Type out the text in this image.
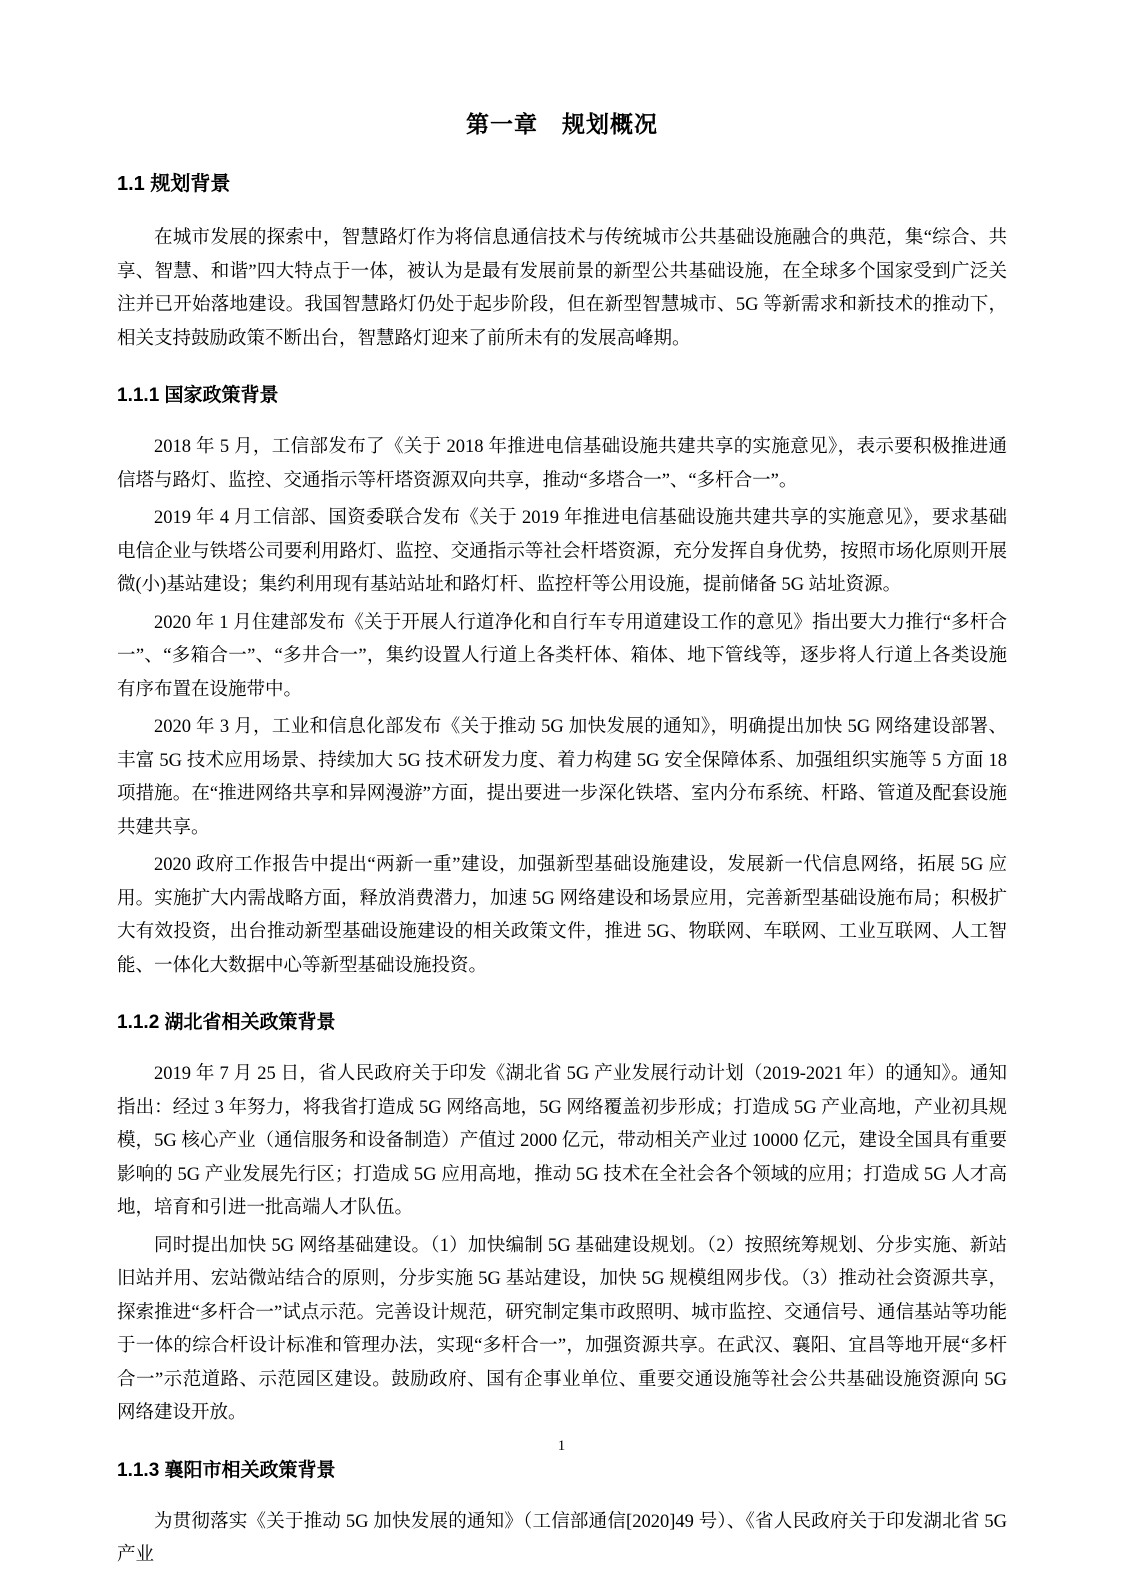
第一章　规划概况
1.1 规划背景

在城市发展的探索中，智慧路灯作为将信息通信技术与传统城市公共基础设施融合的典范，集“综合、共享、智慧、和谐”四大特点于一体，被认为是最有发展前景的新型公共基础设施，在全球多个国家受到广泛关注并已开始落地建设。我国智慧路灯仍处于起步阶段，但在新型智慧城市、5G 等新需求和新技术的推动下，相关支持鼓励政策不断出台，智慧路灯迎来了前所未有的发展高峰期。

1.1.1 国家政策背景

2018 年 5 月，工信部发布了《关于 2018 年推进电信基础设施共建共享的实施意见》，表示要积极推进通信塔与路灯、监控、交通指示等杆塔资源双向共享，推动“多塔合一”、“多杆合一”。

2019 年 4 月工信部、国资委联合发布《关于 2019 年推进电信基础设施共建共享的实施意见》，要求基础电信企业与铁塔公司要利用路灯、监控、交通指示等社会杆塔资源，充分发挥自身优势，按照市场化原则开展微(小)基站建设；集约利用现有基站站址和路灯杆、监控杆等公用设施，提前储备 5G 站址资源。

2020 年 1 月住建部发布《关于开展人行道净化和自行车专用道建设工作的意见》指出要大力推行“多杆合一”、“多箱合一”、“多井合一”，集约设置人行道上各类杆体、箱体、地下管线等，逐步将人行道上各类设施有序布置在设施带中。

2020 年 3 月，工业和信息化部发布《关于推动 5G 加快发展的通知》，明确提出加快 5G 网络建设部署、丰富 5G 技术应用场景、持续加大 5G 技术研发力度、着力构建 5G 安全保障体系、加强组织实施等 5 方面 18 项措施。在“推进网络共享和异网漫游”方面，提出要进一步深化铁塔、室内分布系统、杆路、管道及配套设施共建共享。

2020 政府工作报告中提出“两新一重”建设，加强新型基础设施建设，发展新一代信息网络，拓展 5G 应用。实施扩大内需战略方面，释放消费潜力，加速 5G 网络建设和场景应用，完善新型基础设施布局；积极扩大有效投资，出台推动新型基础设施建设的相关政策文件，推进 5G、物联网、车联网、工业互联网、人工智能、一体化大数据中心等新型基础设施投资。

1.1.2 湖北省相关政策背景

2019 年 7 月 25 日，省人民政府关于印发《湖北省 5G 产业发展行动计划（2019-2021 年）的通知》。通知指出：经过 3 年努力，将我省打造成 5G 网络高地，5G 网络覆盖初步形成；打造成 5G 产业高地，产业初具规模，5G 核心产业（通信服务和设备制造）产值过 2000 亿元，带动相关产业过 10000 亿元，建设全国具有重要影响的 5G 产业发展先行区；打造成 5G 应用高地，推动 5G 技术在全社会各个领域的应用；打造成 5G 人才高地，培育和引进一批高端人才队伍。

同时提出加快 5G 网络基础建设。（1）加快编制 5G 基础建设规划。（2）按照统筹规划、分步实施、新站旧站并用、宏站微站结合的原则，分步实施 5G 基站建设，加快 5G 规模组网步伐。（3）推动社会资源共享，探索推进“多杆合一”试点示范。完善设计规范，研究制定集市政照明、城市监控、交通信号、通信基站等功能于一体的综合杆设计标准和管理办法，实现“多杆合一”，加强资源共享。在武汉、襄阳、宜昌等地开展“多杆合一”示范道路、示范园区建设。鼓励政府、国有企事业单位、重要交通设施等社会公共基础设施资源向 5G 网络建设开放。

1.1.3 襄阳市相关政策背景

为贯彻落实《关于推动 5G 加快发展的通知》（工信部通信[2020]49 号）、《省人民政府关于印发湖北省 5G 产业

1
